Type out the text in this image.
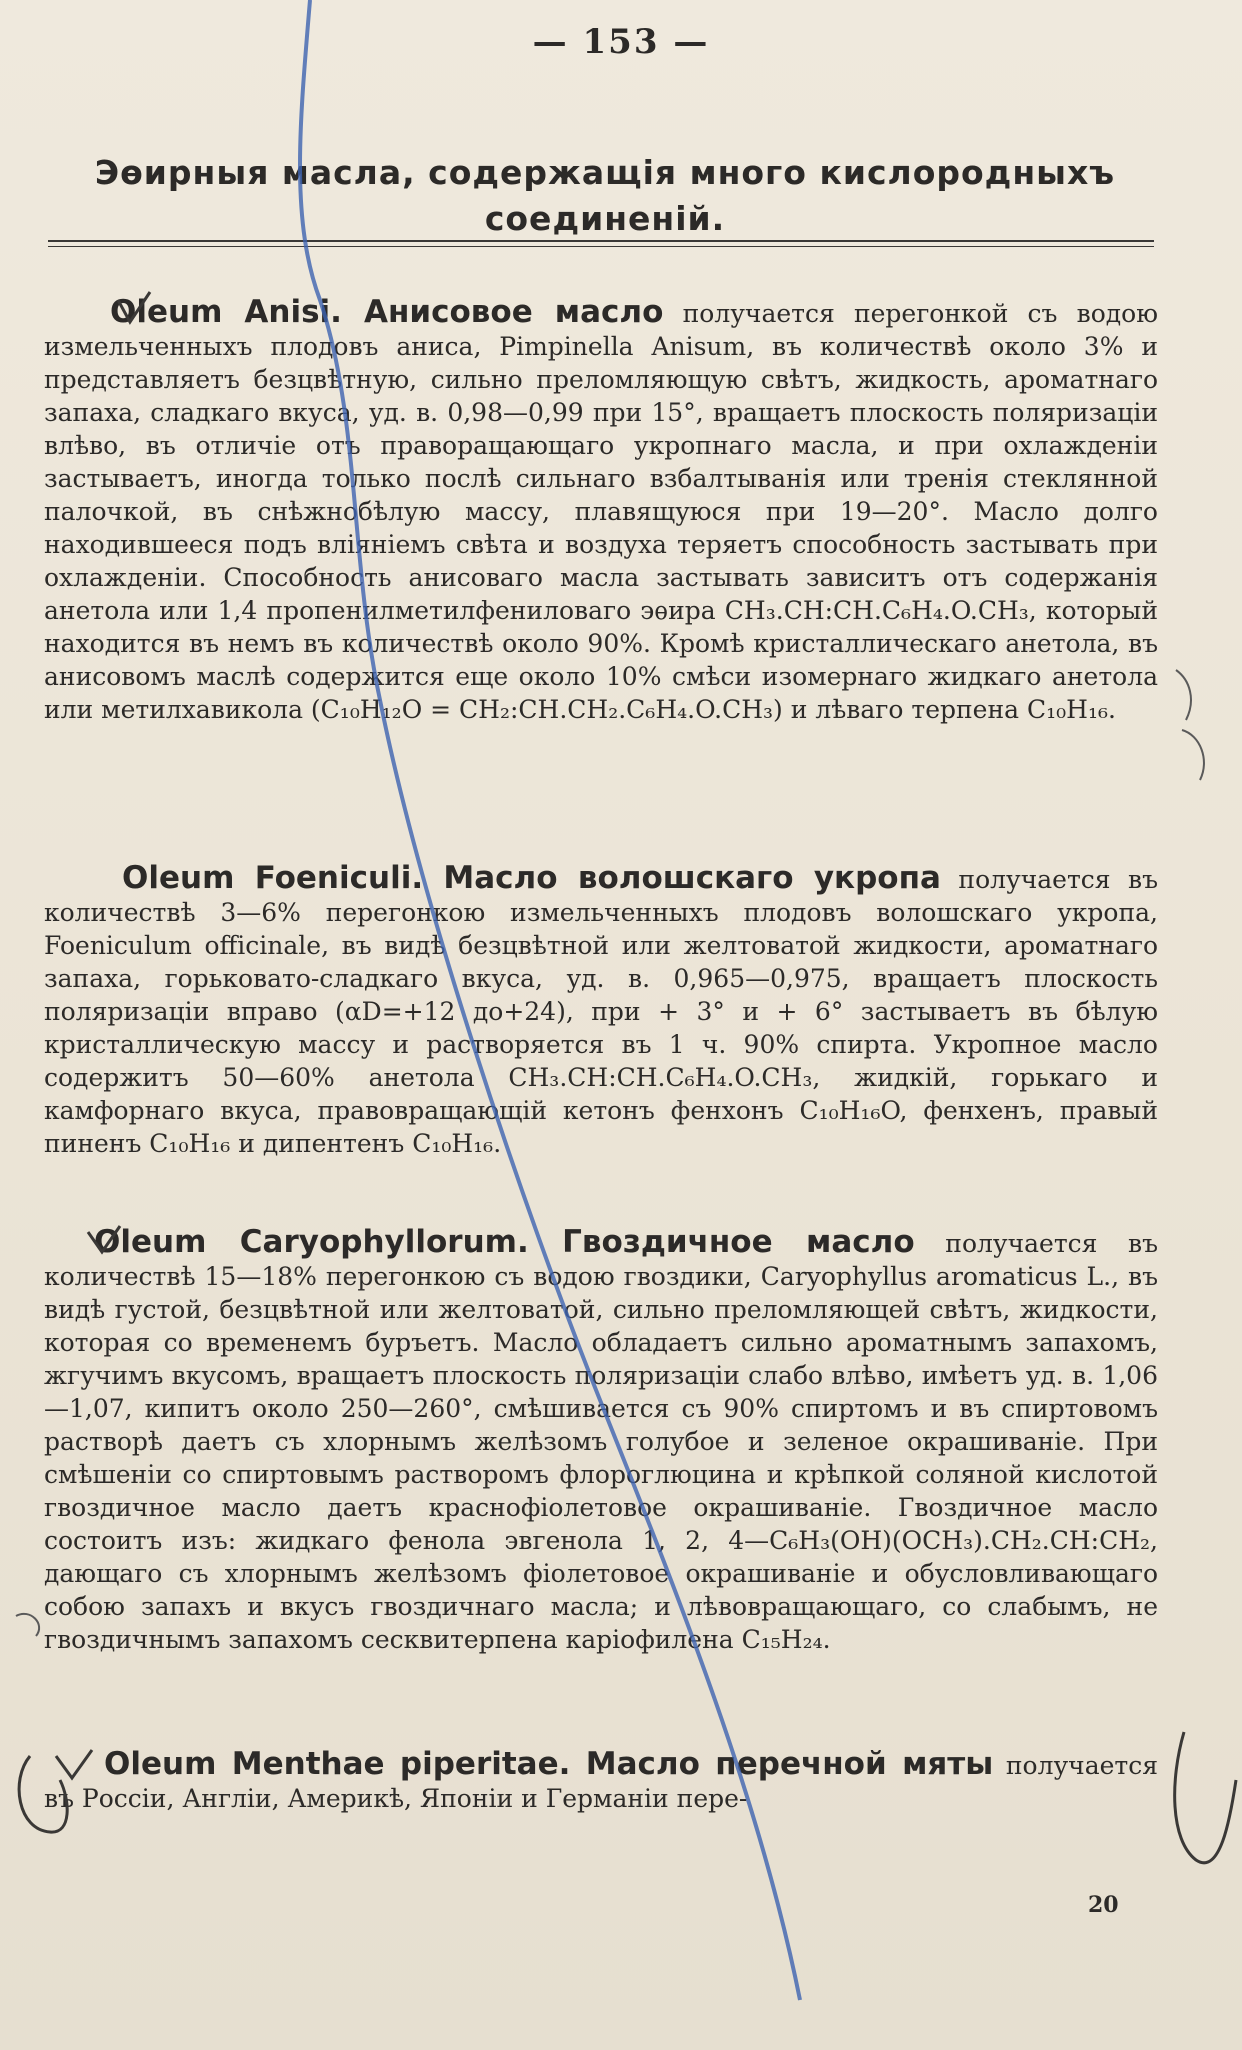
— 153 —
Эѳирныя масла, содержащія много кислородныхъ соединеній.
Oleum Anisi. Анисовое масло получается перегонкой съ водою измельченныхъ плодовъ аниса, Pimpinella Anisum, въ количествѣ около 3% и представляетъ безцвѣтную, сильно преломляющую свѣтъ, жидкость, ароматнаго запаха, сладкаго вкуса, уд. в. 0,98—0,99 при 15°, вращаетъ плоскость поляризаціи влѣво, въ отличіе отъ праворащающаго укропнаго масла, и при охлажденіи застываетъ, иногда только послѣ сильнаго взбалтыванія или тренія стеклянной палочкой, въ снѣжнобѣлую массу, плавящуюся при 19—20°. Масло долго находившееся подъ вліяніемъ свѣта и воздуха теряетъ способность застывать при охлажденіи. Способность анисоваго масла застывать зависитъ отъ содержанія анетола или 1,4 пропенилметилфениловаго эѳира CH₃.CH:CH.C₆H₄.O.CH₃, который находится въ немъ въ количествѣ около 90%. Кромѣ кристаллическаго анетола, въ анисовомъ маслѣ содержится еще около 10% смѣси изомернаго жидкаго анетола или метилхавикола (C₁₀H₁₂O = CH₂:CH.CH₂.C₆H₄.O.CH₃) и лѣваго терпена C₁₀H₁₆.
Oleum Foeniculi. Масло волошскаго укропа получается въ количествѣ 3—6% перегонкою измельченныхъ плодовъ волошскаго укропа, Foeniculum officinale, въ видѣ безцвѣтной или желтоватой жидкости, ароматнаго запаха, горьковато-сладкаго вкуса, уд. в. 0,965—0,975, вращаетъ плоскость поляризаціи вправо (αD=+12 до+24), при + 3° и + 6° застываетъ въ бѣлую кристаллическую массу и растворяется въ 1 ч. 90% спирта. Укропное масло содержитъ 50—60% анетола CH₃.CH:CH.C₆H₄.O.CH₃, жидкій, горькаго и камфорнаго вкуса, правовращающій кетонъ фенхонъ C₁₀H₁₆O, фенхенъ, правый пиненъ C₁₀H₁₆ и дипентенъ C₁₀H₁₆.
Oleum Caryophyllorum. Гвоздичное масло получается въ количествѣ 15—18% перегонкою съ водою гвоздики, Caryophyllus aromaticus L., въ видѣ густой, безцвѣтной или желтоватой, сильно преломляющей свѣтъ, жидкости, которая со временемъ буръетъ. Масло обладаетъ сильно ароматнымъ запахомъ, жгучимъ вкусомъ, вращаетъ плоскость поляризаціи слабо влѣво, имѣетъ уд. в. 1,06—1,07, кипитъ около 250—260°, смѣшивается съ 90% спиртомъ и въ спиртовомъ растворѣ даетъ съ хлорнымъ желѣзомъ голубое и зеленое окрашиваніе. При смѣшеніи со спиртовымъ растворомъ флороглюцина и крѣпкой соляной кислотой гвоздичное масло даетъ краснофіолетовое окрашиваніе. Гвоздичное масло состоитъ изъ: жидкаго фенола эвгенола 1, 2, 4—C₆H₃(OH)(OCH₃).CH₂.CH:CH₂, дающаго съ хлорнымъ желѣзомъ фіолетовое окрашиваніе и обусловливающаго собою запахъ и вкусъ гвоздичнаго масла; и лѣвовращающаго, со слабымъ, не гвоздичнымъ запахомъ сесквитерпена каріофилена C₁₅H₂₄.
Oleum Menthae piperitae. Масло перечной мяты получается въ Россіи, Англіи, Америкѣ, Японіи и Германіи пере-
20
